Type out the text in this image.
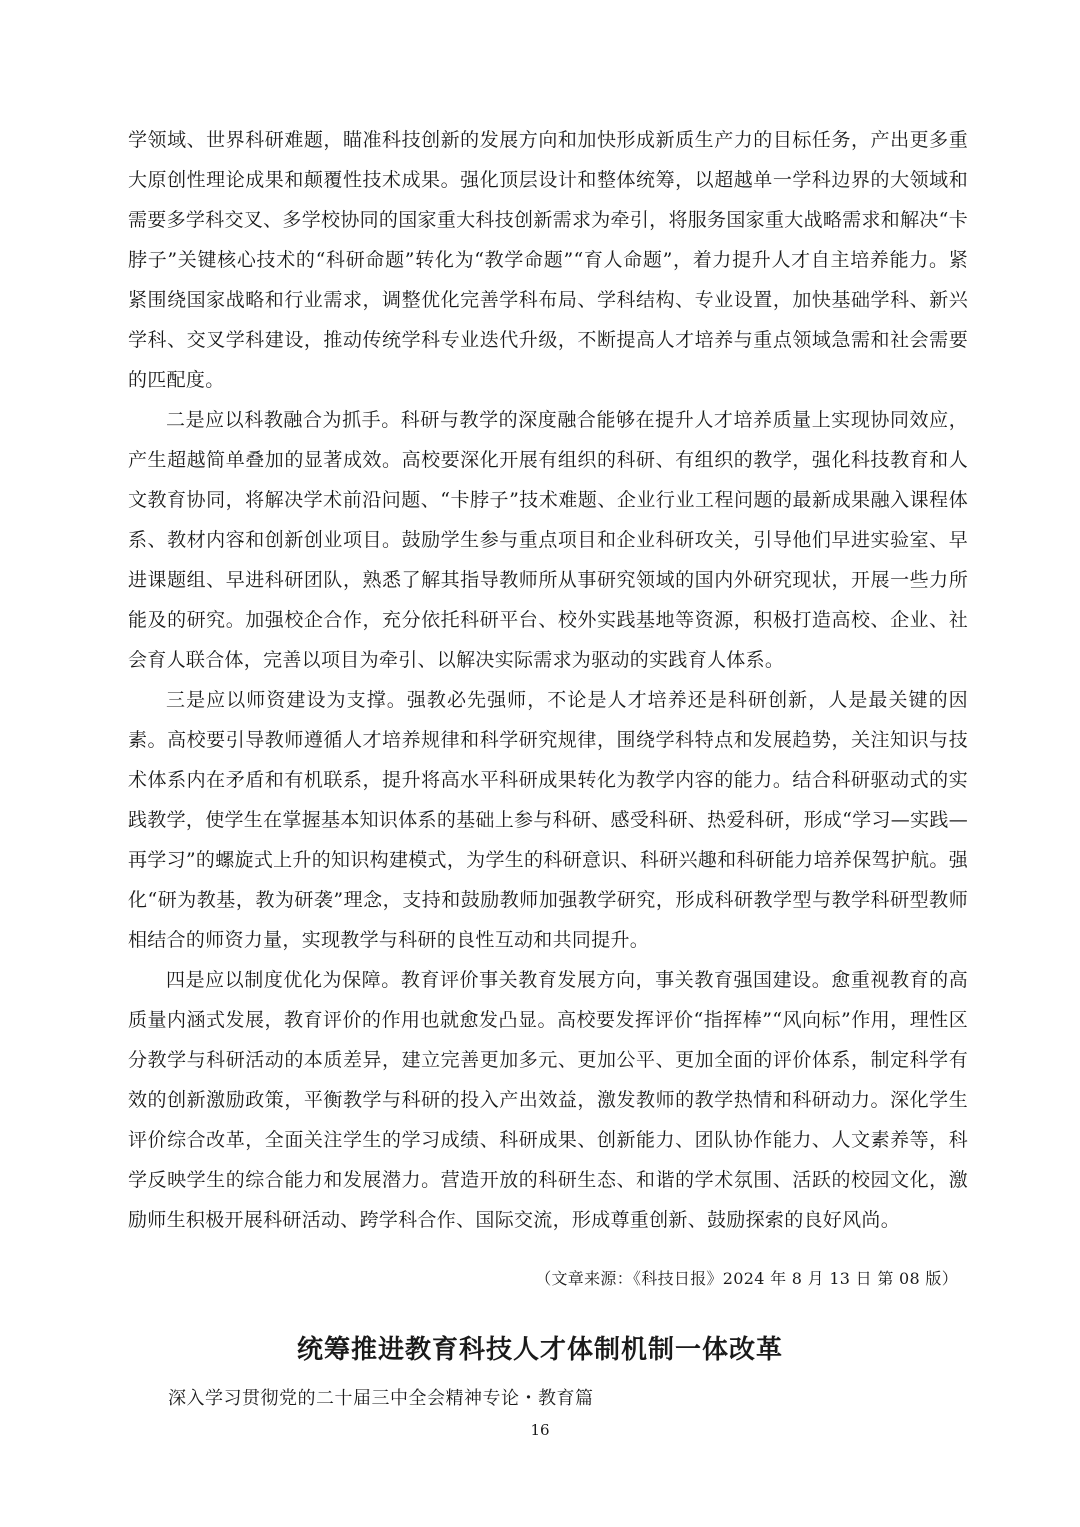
学领域、世界科研难题，瞄准科技创新的发展方向和加快形成新质生产力的目标任务，产出更多重大原创性理论成果和颠覆性技术成果。强化顶层设计和整体统筹，以超越单一学科边界的大领域和需要多学科交叉、多学校协同的国家重大科技创新需求为牵引，将服务国家重大战略需求和解决“卡脖子”关键核心技术的“科研命题”转化为“教学命题”“育人命题”，着力提升人才自主培养能力。紧紧围绕国家战略和行业需求，调整优化完善学科布局、学科结构、专业设置，加快基础学科、新兴学科、交叉学科建设，推动传统学科专业迭代升级，不断提高人才培养与重点领域急需和社会需要的匹配度。

二是应以科教融合为抓手。科研与教学的深度融合能够在提升人才培养质量上实现协同效应，产生超越简单叠加的显著成效。高校要深化开展有组织的科研、有组织的教学，强化科技教育和人文教育协同，将解决学术前沿问题、“卡脖子”技术难题、企业行业工程问题的最新成果融入课程体系、教材内容和创新创业项目。鼓励学生参与重点项目和企业科研攻关，引导他们早进实验室、早进课题组、早进科研团队，熟悉了解其指导教师所从事研究领域的国内外研究现状，开展一些力所能及的研究。加强校企合作，充分依托科研平台、校外实践基地等资源，积极打造高校、企业、社会育人联合体，完善以项目为牵引、以解决实际需求为驱动的实践育人体系。

三是应以师资建设为支撑。强教必先强师，不论是人才培养还是科研创新，人是最关键的因素。高校要引导教师遵循人才培养规律和科学研究规律，围绕学科特点和发展趋势，关注知识与技术体系内在矛盾和有机联系，提升将高水平科研成果转化为教学内容的能力。结合科研驱动式的实践教学，使学生在掌握基本知识体系的基础上参与科研、感受科研、热爱科研，形成“学习—实践—再学习”的螺旋式上升的知识构建模式，为学生的科研意识、科研兴趣和科研能力培养保驾护航。强化“研为教基，教为研袭”理念，支持和鼓励教师加强教学研究，形成科研教学型与教学科研型教师相结合的师资力量，实现教学与科研的良性互动和共同提升。

四是应以制度优化为保障。教育评价事关教育发展方向，事关教育强国建设。愈重视教育的高质量内涵式发展，教育评价的作用也就愈发凸显。高校要发挥评价“指挥棒”“风向标”作用，理性区分教学与科研活动的本质差异，建立完善更加多元、更加公平、更加全面的评价体系，制定科学有效的创新激励政策，平衡教学与科研的投入产出效益，激发教师的教学热情和科研动力。深化学生评价综合改革，全面关注学生的学习成绩、科研成果、创新能力、团队协作能力、人文素养等，科学反映学生的综合能力和发展潜力。营造开放的科研生态、和谐的学术氛围、活跃的校园文化，激励师生积极开展科研活动、跨学科合作、国际交流，形成尊重创新、鼓励探索的良好风尚。

（文章来源：《科技日报》2024 年 8 月 13 日 第 08 版）
统筹推进教育科技人才体制机制一体改革
深入学习贯彻党的二十届三中全会精神专论・教育篇
16
